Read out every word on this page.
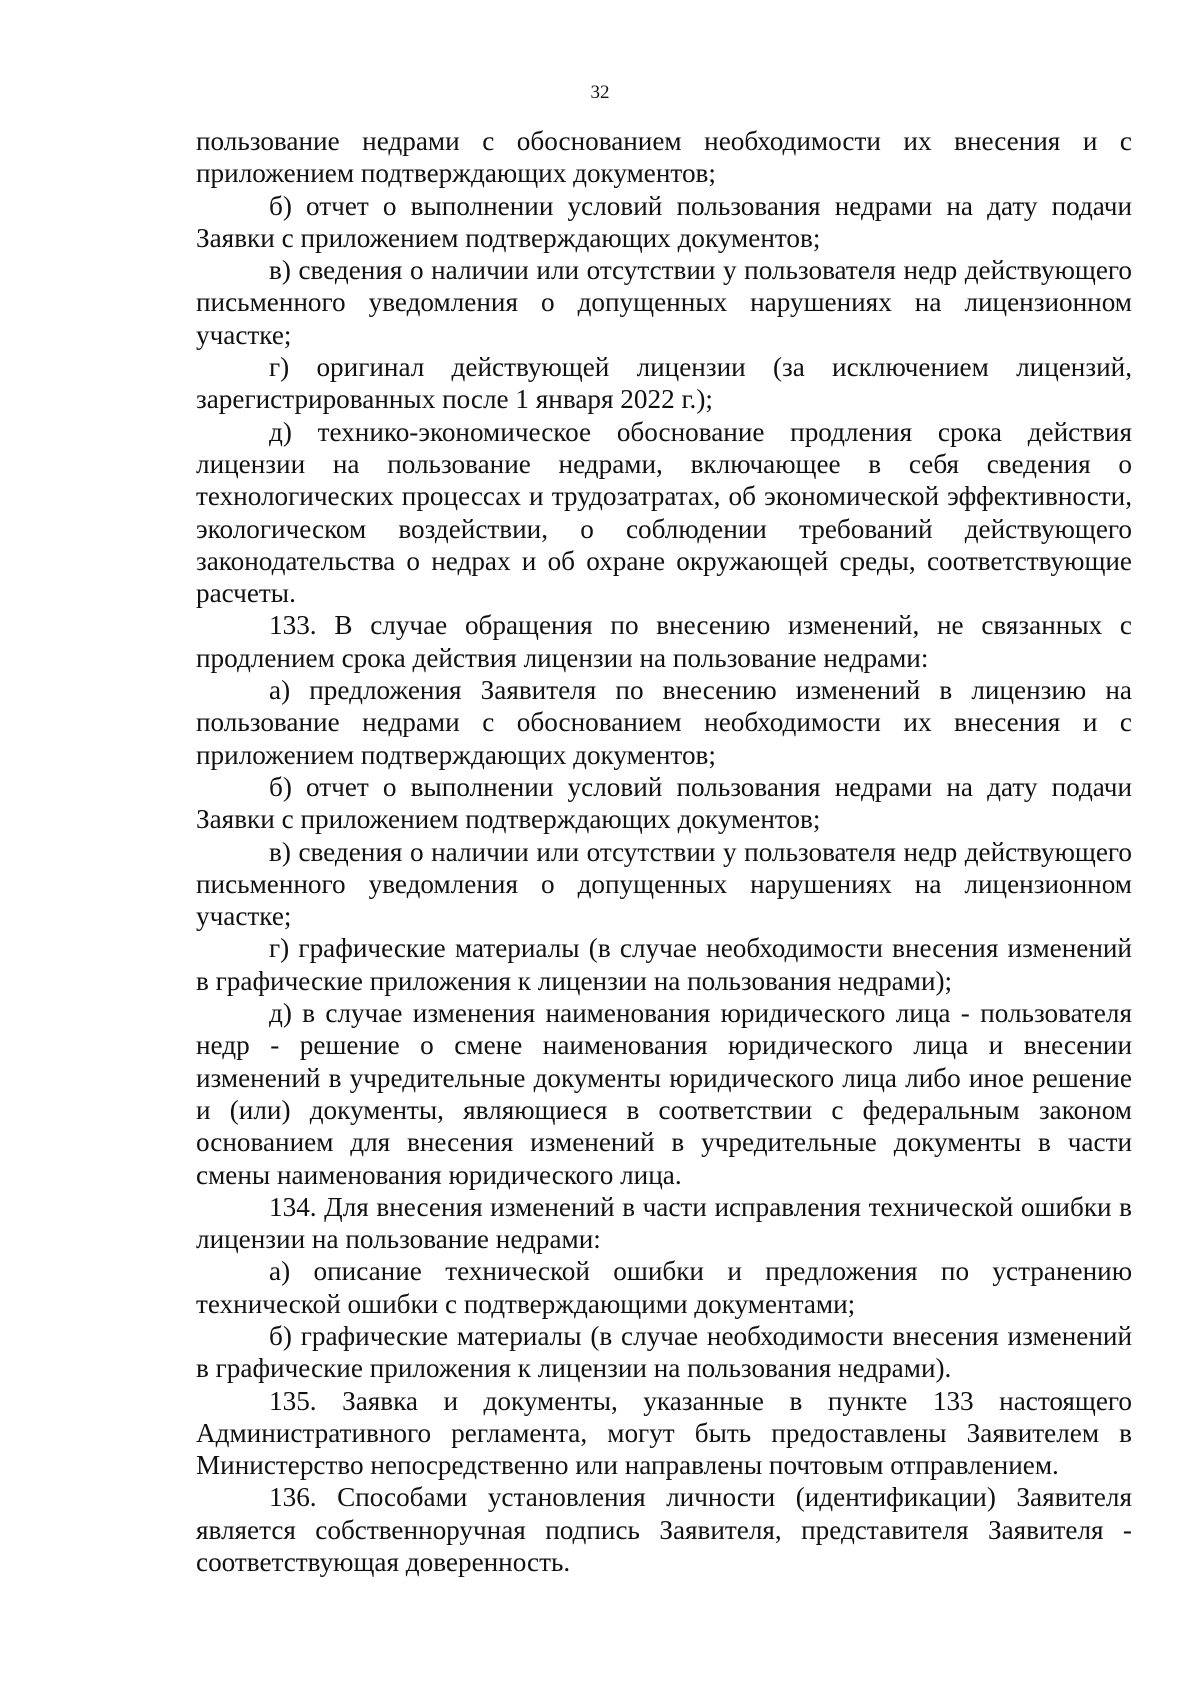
32

пользование недрами с обоснованием необходимости их внесения и с приложением подтверждающих документов;

б) отчет о выполнении условий пользования недрами на дату подачи Заявки с приложением подтверждающих документов;

в) сведения о наличии или отсутствии у пользователя недр действующего письменного уведомления о допущенных нарушениях на лицензионном участке;

г) оригинал действующей лицензии (за исключением лицензий, зарегистрированных после 1 января 2022 г.);

д) технико-экономическое обоснование продления срока действия лицензии на пользование недрами, включающее в себя сведения о технологических процессах и трудозатратах, об экономической эффективности, экологическом воздействии, о соблюдении требований действующего законодательства о недрах и об охране окружающей среды, соответствующие расчеты.

133. В случае обращения по внесению изменений, не связанных с продлением срока действия лицензии на пользование недрами:

а) предложения Заявителя по внесению изменений в лицензию на пользование недрами с обоснованием необходимости их внесения и с приложением подтверждающих документов;

б) отчет о выполнении условий пользования недрами на дату подачи Заявки с приложением подтверждающих документов;

в) сведения о наличии или отсутствии у пользователя недр действующего письменного уведомления о допущенных нарушениях на лицензионном участке;

г) графические материалы (в случае необходимости внесения изменений в графические приложения к лицензии на пользования недрами);

д) в случае изменения наименования юридического лица - пользователя недр - решение о смене наименования юридического лица и внесении изменений в учредительные документы юридического лица либо иное решение и (или) документы, являющиеся в соответствии с федеральным законом основанием для внесения изменений в учредительные документы в части смены наименования юридического лица.

134. Для внесения изменений в части исправления технической ошибки в лицензии на пользование недрами:

а) описание технической ошибки и предложения по устранению технической ошибки с подтверждающими документами;

б) графические материалы (в случае необходимости внесения изменений в графические приложения к лицензии на пользования недрами).

135. Заявка и документы, указанные в пункте 133 настоящего Административного регламента, могут быть предоставлены Заявителем в Министерство непосредственно или направлены почтовым отправлением.

136. Способами установления личности (идентификации) Заявителя является собственноручная подпись Заявителя, представителя Заявителя - соответствующая доверенность.
